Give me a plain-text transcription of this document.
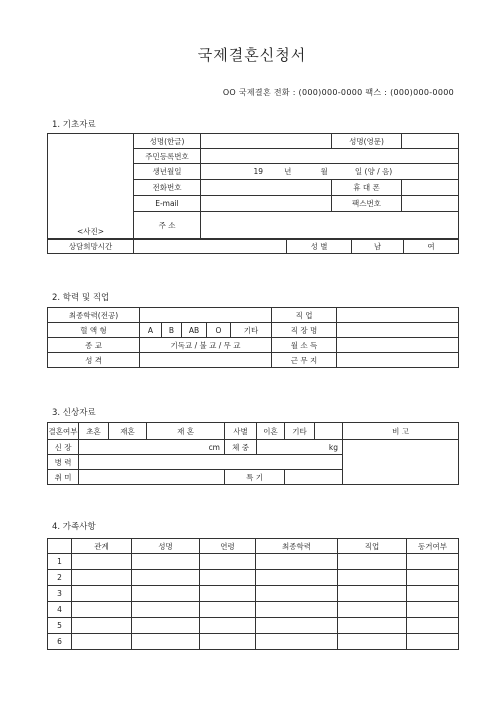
국제결혼신청서
OO 국제결혼 전화 : (000)000-0000 팩스 : (000)000-0000
1. 기초자료
<사진>	성명(한글)		성명(영문)	
	주민등록번호			
	생년월일	19 년 월 일 (양 / 음)		
	전화번호		휴 대 폰	
	E-mail		팩스번호	
	주 소			
상담희망시간		성 별	남	여
2. 학력 및 직업
최종학력(전공)						직 업	
혈 액 형	A	B	AB	O	기타	직 장 명	
종 교	기독교 / 불 교 / 무 교					월 소 득	
성 격						근 무 지	
3. 신상자료
결혼여부	초혼	재혼	재 혼	사별	이혼	기타		비 고
신 장	cm			체 중	kg			
병 력								
취 미				특 기				
4. 가족사항
	관계	성명	연령	최종학력	직업	동거여부
1						
2						
3						
4						
5						
6						
